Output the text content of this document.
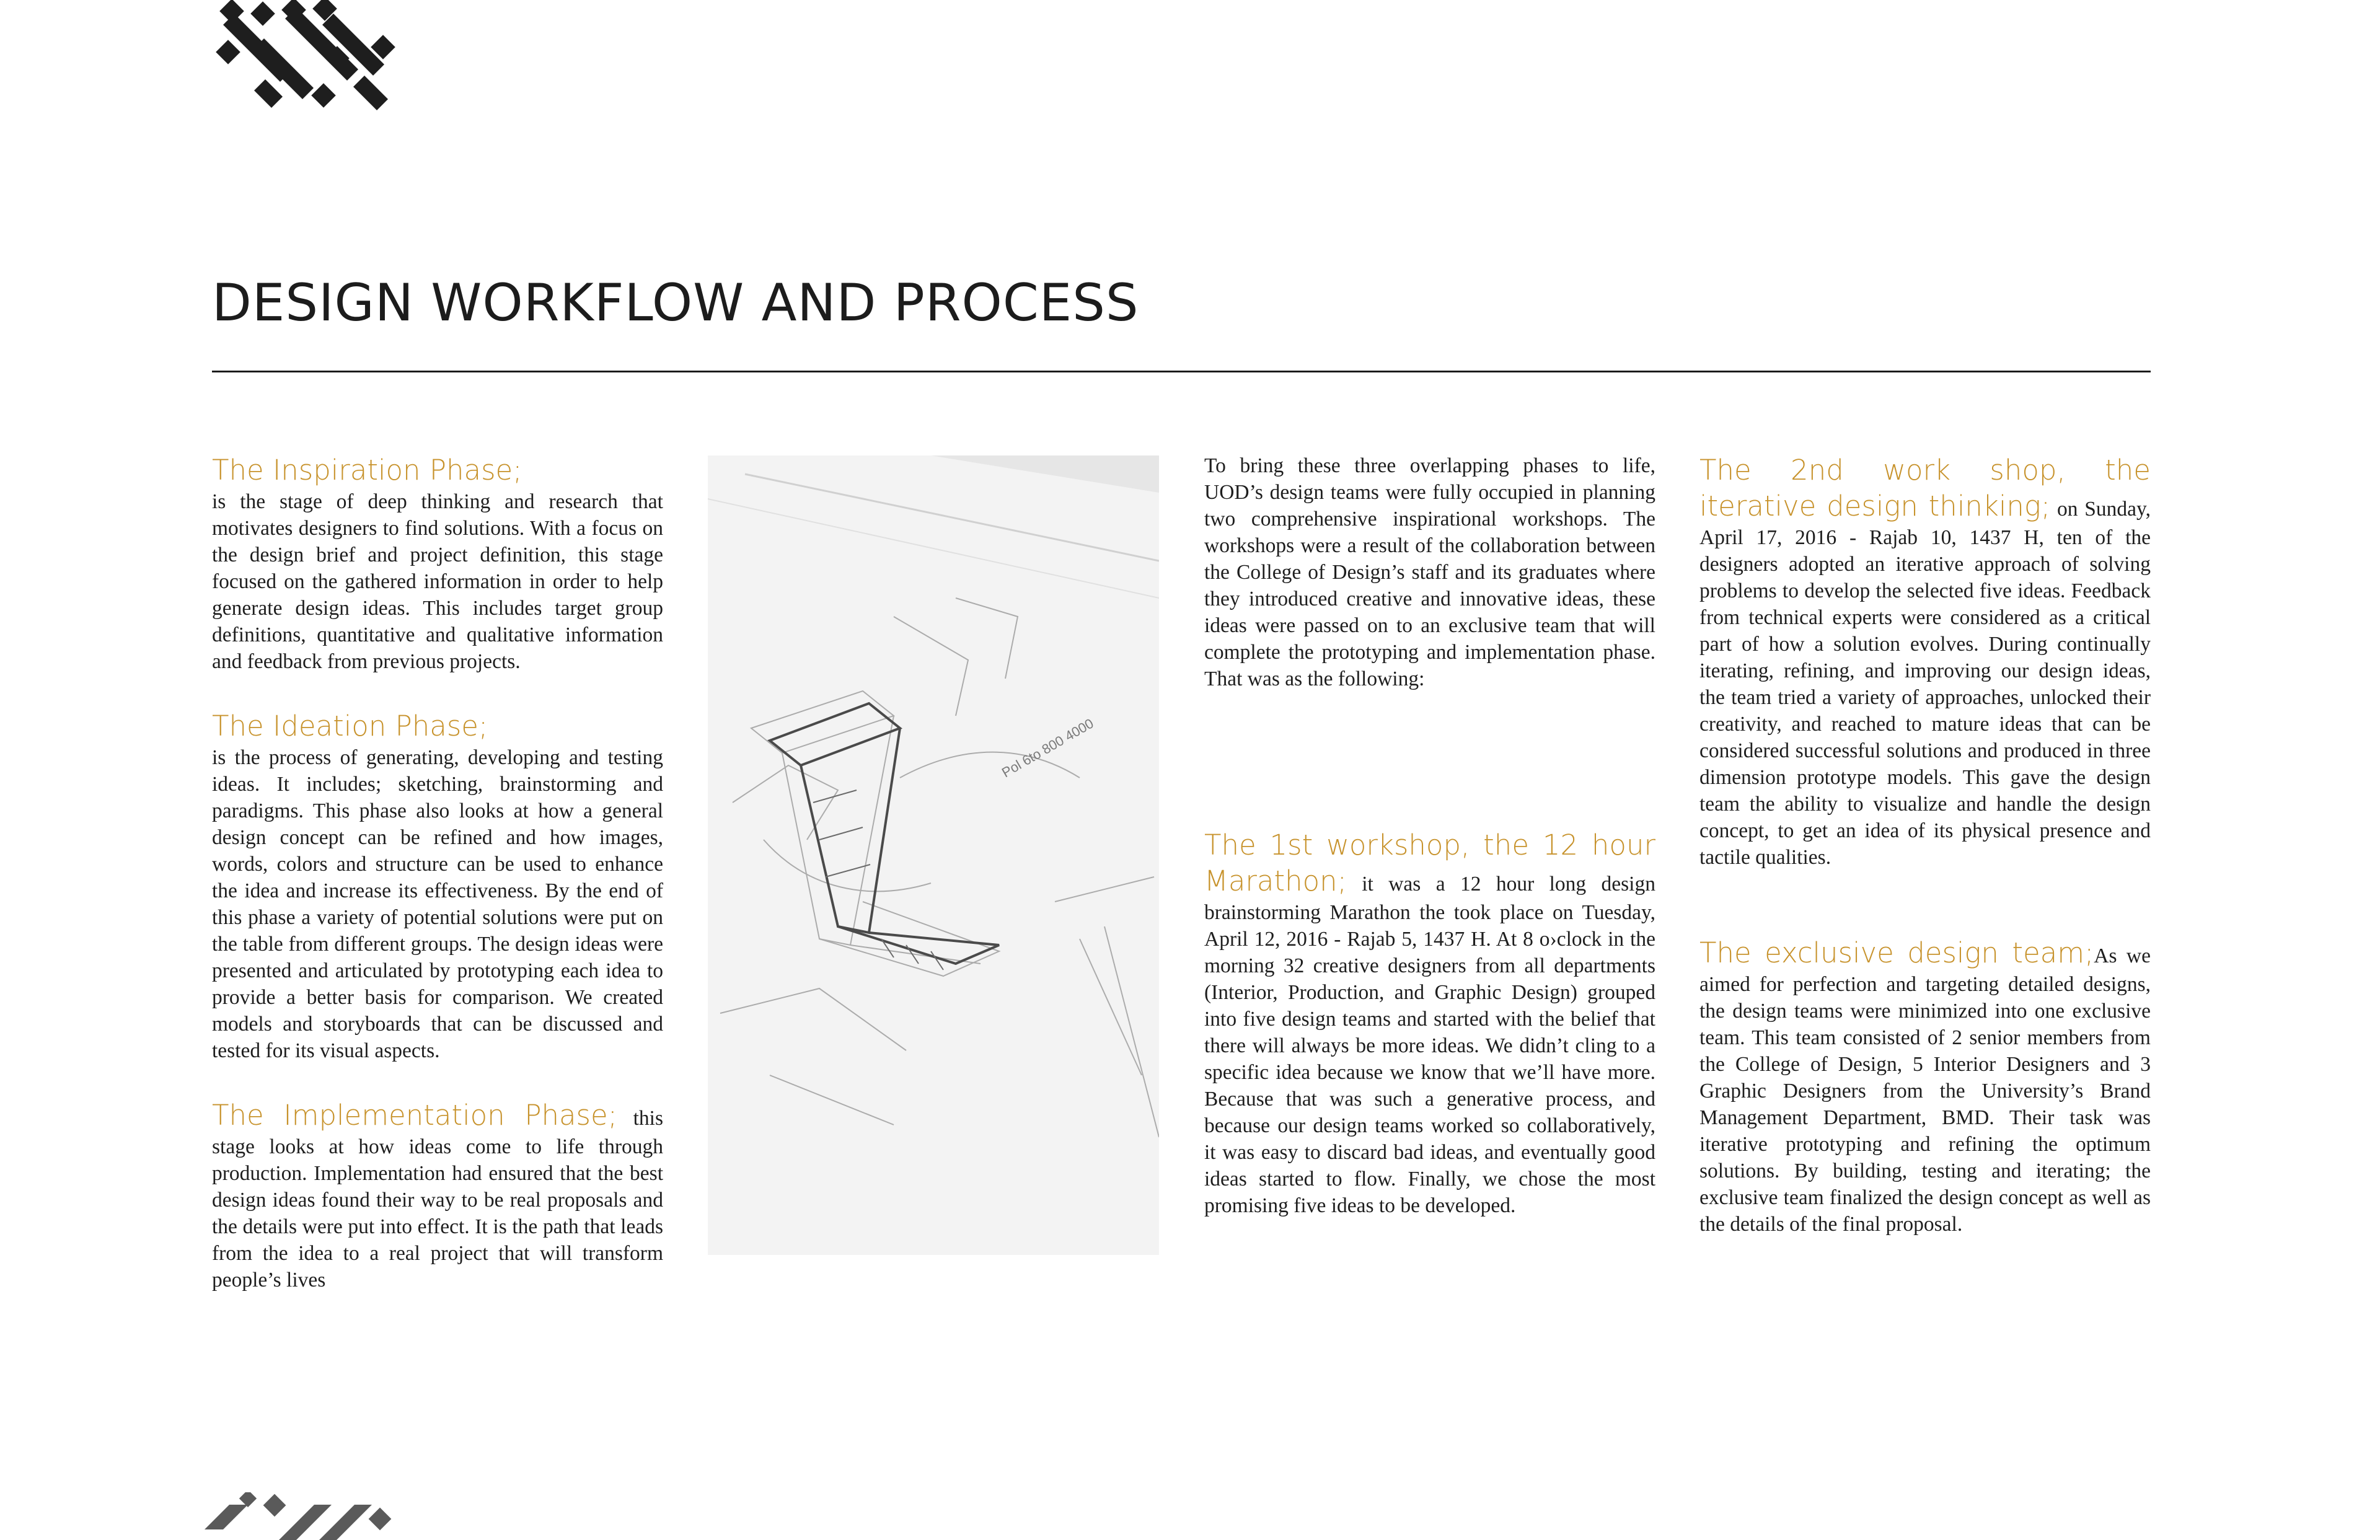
DESIGN WORKFLOW AND PROCESS

The Inspiration Phase;
is the stage of deep thinking and research that motivates designers to find solutions. With a focus on the design brief and project definition, this stage focused on the gathered information in order to help generate design ideas. This includes target group definitions, quantitative and qualitative information and feedback from previous projects.

The Ideation Phase;
is the process of generating, developing and testing ideas. It includes; sketching, brainstorming and paradigms. This phase also looks at how a general design concept can be refined and how images, words, colors and structure can be used to enhance the idea and increase its effectiveness. By the end of this phase a variety of potential solutions were put on the table from different groups. The design ideas were presented and articulated by prototyping each idea to provide a better basis for comparison. We created models and storyboards that can be discussed and tested for its visual aspects.

The Implementation Phase; this stage looks at how ideas come to life through production. Implementation had ensured that the best design ideas found their way to be real proposals and the details were put into effect. It is the path that leads from the idea to a real project that will transform people’s lives

Pol 6to 800 4000

To bring these three overlapping phases to life, UOD’s design teams were fully occupied in planning two comprehensive inspirational workshops. The workshops were a result of the collaboration between the College of Design’s staff and its graduates where they introduced creative and innovative ideas, these ideas were passed on to an exclusive team that will complete the prototyping and implementation phase. That was as the following:

The 1st workshop, the 12 hour Marathon; it was a 12 hour long design brainstorming Marathon the took place on Tuesday, April 12, 2016 - Rajab 5, 1437 H. At 8 o›clock in the morning 32 creative designers from all departments (Interior, Production, and Graphic Design) grouped into five design teams and started with the belief that there will always be more ideas. We didn’t cling to a specific idea because we know that we’ll have more. Because that was such a generative process, and because our design teams worked so collaboratively, it was easy to discard bad ideas, and eventually good ideas started to flow. Finally, we chose the most promising five ideas to be developed.

The 2nd work shop, the iterative design thinking; on Sunday, April 17, 2016 - Rajab 10, 1437 H, ten of the designers adopted an iterative approach of solving problems to develop the selected five ideas. Feedback from technical experts were considered as a critical part of how a solution evolves. During continually iterating, refining, and improving our design ideas, the team tried a variety of approaches, unlocked their creativity, and reached to mature ideas that can be considered successful solutions and produced in three dimension prototype models. This gave the design team the ability to visualize and handle the design concept, to get an idea of its physical presence and tactile qualities.

The exclusive design team;As we aimed for perfection and targeting detailed designs, the design teams were minimized into one exclusive team. This team consisted of 2 senior members from the College of Design, 5 Interior Designers and 3 Graphic Designers from the University’s Brand Management Department, BMD. Their task was iterative prototyping and refining the optimum solutions. By building, testing and iterating; the exclusive team finalized the design concept as well as the details of the final proposal.
